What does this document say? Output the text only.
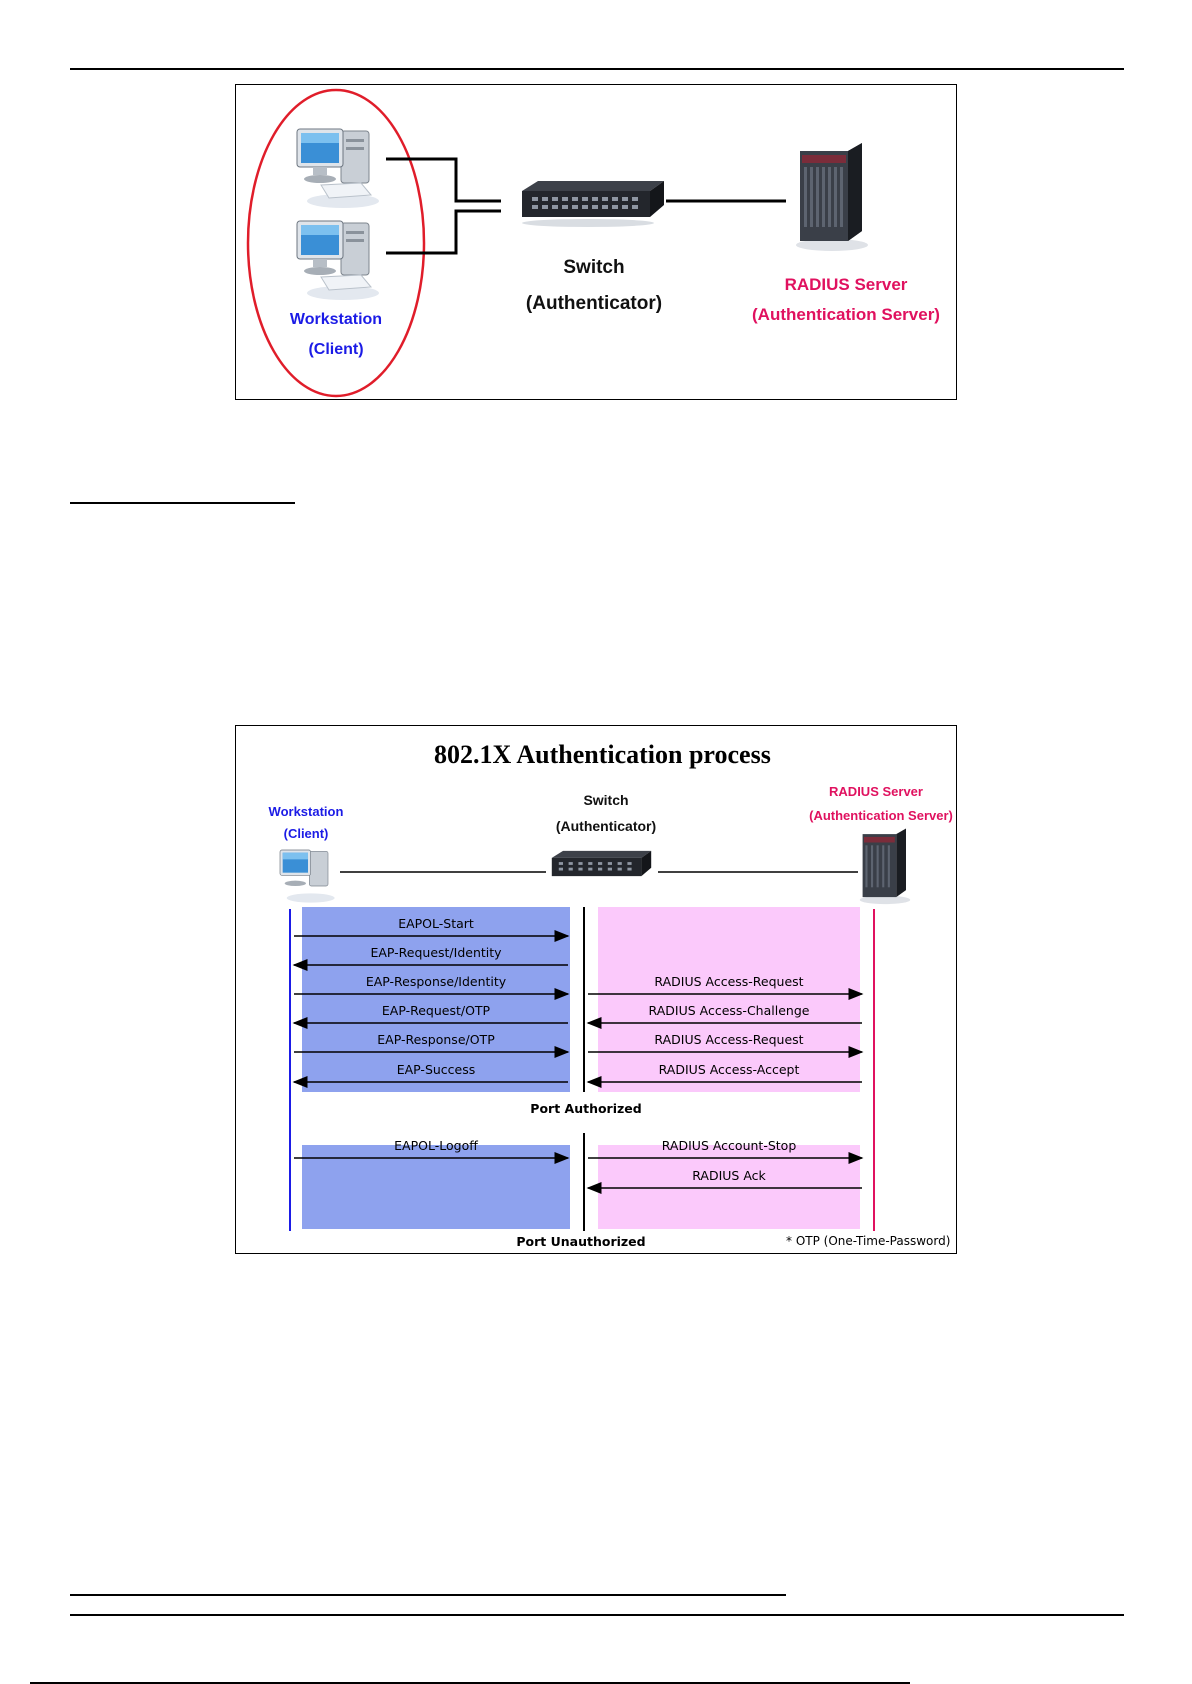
Switch
(Authenticator)
RADIUS Server
(Authentication Server)
Workstation
(Client)
802.1X Authentication process
Workstation
(Client)
Switch
(Authenticator)
RADIUS Server
(Authentication Server)
EAPOL-Start
EAP-Request/Identity
EAP-Response/Identity
EAP-Request/OTP
EAP-Response/OTP
EAP-Success
RADIUS Access-Request
RADIUS Access-Challenge
RADIUS Access-Request
RADIUS Access-Accept
Port Authorized
EAPOL-Logoff	RADIUS Account-Stop
RADIUS Ack
Port Unauthorized	* OTP (One-Time-Password)
